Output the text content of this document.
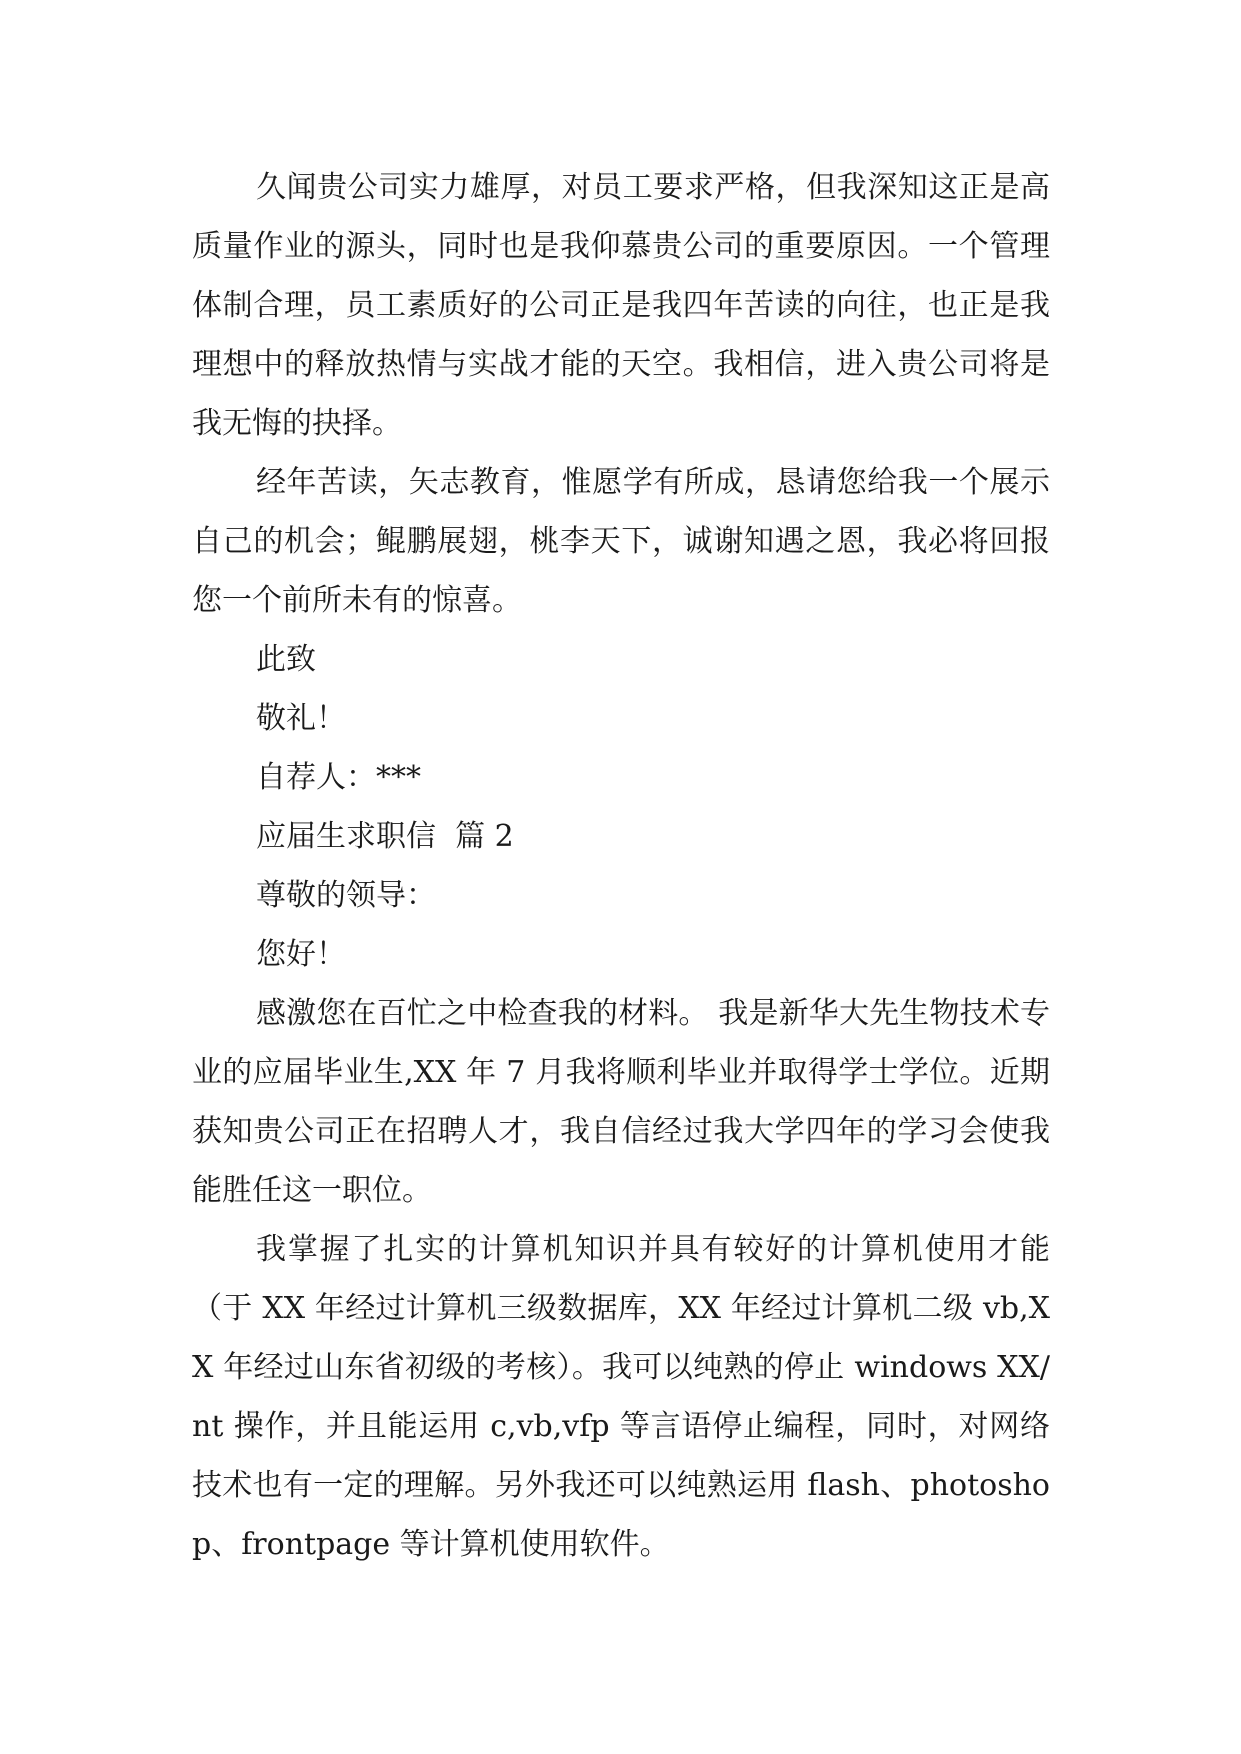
久闻贵公司实力雄厚，对员工要求严格，但我深知这正是高质量作业的源头，同时也是我仰慕贵公司的重要原因。一个管理体制合理，员工素质好的公司正是我四年苦读的向往，也正是我理想中的释放热情与实战才能的天空。我相信，进入贵公司将是我无悔的抉择。

经年苦读，矢志教育，惟愿学有所成，恳请您给我一个展示自己的机会；鲲鹏展翅，桃李天下，诚谢知遇之恩，我必将回报您一个前所未有的惊喜。

此致

敬礼！

自荐人：***

应届生求职信  篇 2

尊敬的领导：

您好！

感激您在百忙之中检查我的材料。 我是新华大先生物技术专业的应届毕业生,XX 年 7 月我将顺利毕业并取得学士学位。近期获知贵公司正在招聘人才，我自信经过我大学四年的学习会使我能胜任这一职位。

我掌握了扎实的计算机知识并具有较好的计算机使用才能（于 XX 年经过计算机三级数据库，XX 年经过计算机二级 vb,XX 年经过山东省初级的考核）。我可以纯熟的停止 windows XX/nt 操作，并且能运用 c,vb,vfp 等言语停止编程，同时，对网络技术也有一定的理解。另外我还可以纯熟运用 flash、photoshop、frontpage 等计算机使用软件。
